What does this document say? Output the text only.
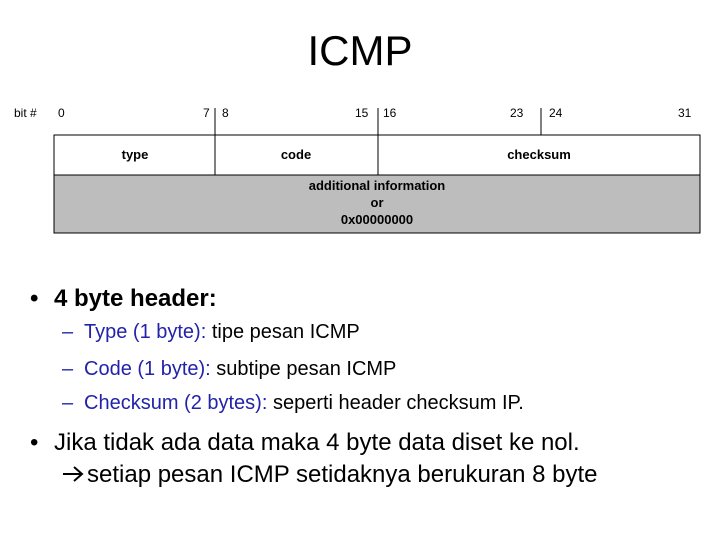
ICMP
bit # 0	7 8	15 16	23 24	31
type	code	checksum
additional information
or
0x00000000
• 4 byte header:
– Type (1 byte): tipe pesan ICMP
– Code (1 byte): subtipe pesan ICMP
– Checksum (2 bytes): seperti header checksum IP.
• Jika tidak ada data maka 4 byte data diset ke nol.
setiap pesan ICMP setidaknya berukuran 8 byte
